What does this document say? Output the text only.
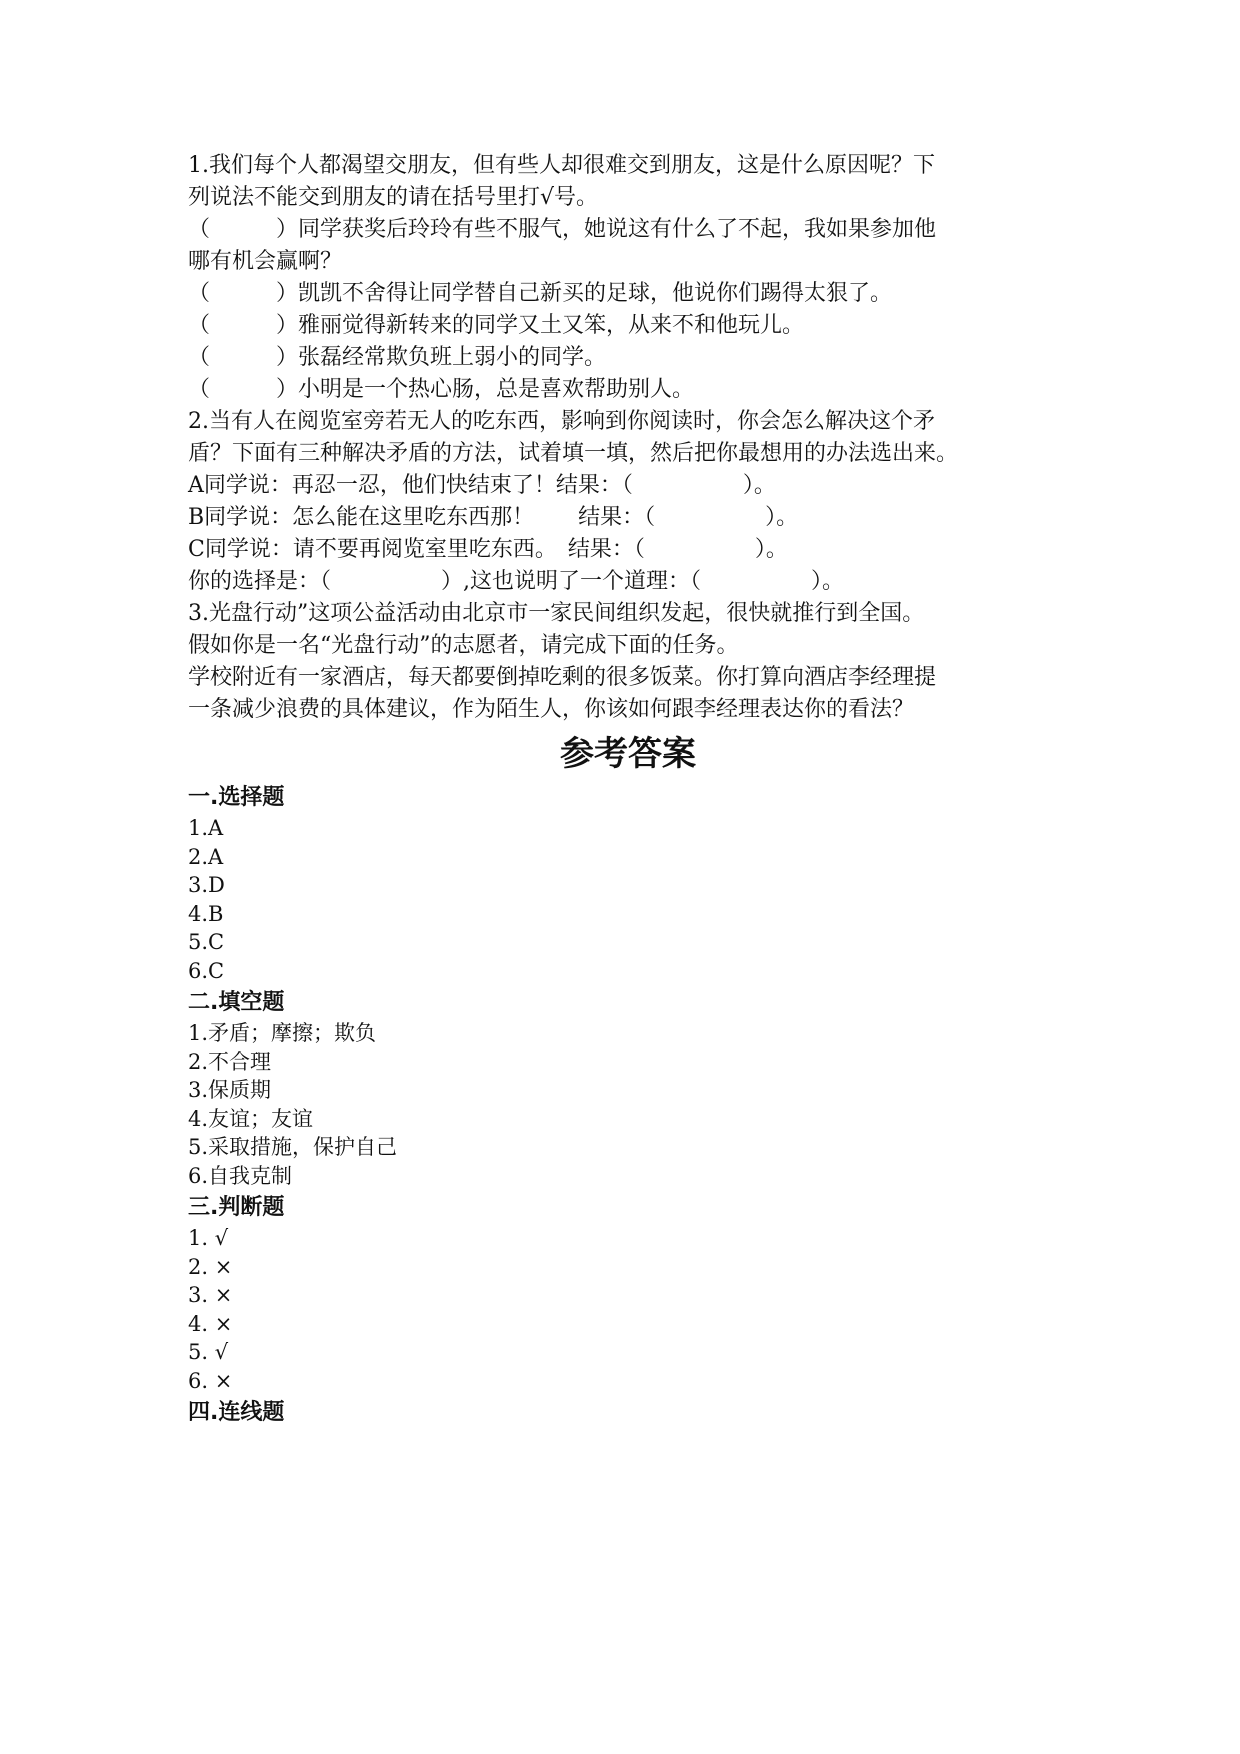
1.我们每个人都渴望交朋友，但有些人却很难交到朋友，这是什么原因呢？下

列说法不能交到朋友的请在括号里打√号。

（　　　）同学获奖后玲玲有些不服气，她说这有什么了不起，我如果参加他

哪有机会赢啊？

（　　　）凯凯不舍得让同学替自己新买的足球，他说你们踢得太狠了。

（　　　）雅丽觉得新转来的同学又土又笨，从来不和他玩儿。

（　　　）张磊经常欺负班上弱小的同学。

（　　　）小明是一个热心肠，总是喜欢帮助别人。

2.当有人在阅览室旁若无人的吃东西，影响到你阅读时，你会怎么解决这个矛

盾？下面有三种解决矛盾的方法，试着填一填，然后把你最想用的办法选出来。

A同学说：再忍一忍，他们快结束了！结果：（　　　　　）。

B同学说：怎么能在这里吃东西那！　　结果：（　　　　　）。

C同学说：请不要再阅览室里吃东西。　结果：（　　　　　）。

你的选择是：（　　　　　）,这也说明了一个道理：（　　　　　）。

3.光盘行动”这项公益活动由北京市一家民间组织发起，很快就推行到全国。

假如你是一名“光盘行动”的志愿者，请完成下面的任务。

学校附近有一家酒店，每天都要倒掉吃剩的很多饭菜。你打算向酒店李经理提

一条减少浪费的具体建议，作为陌生人，你该如何跟李经理表达你的看法？

参考答案

一.选择题

1.A

2.A

3.D

4.B

5.C

6.C

二.填空题

1.矛盾；摩擦；欺负

2.不合理

3.保质期

4.友谊；友谊

5.采取措施，保护自己

6.自我克制

三.判断题

1. √

2. ×

3. ×

4. ×

5. √

6. ×

四.连线题
